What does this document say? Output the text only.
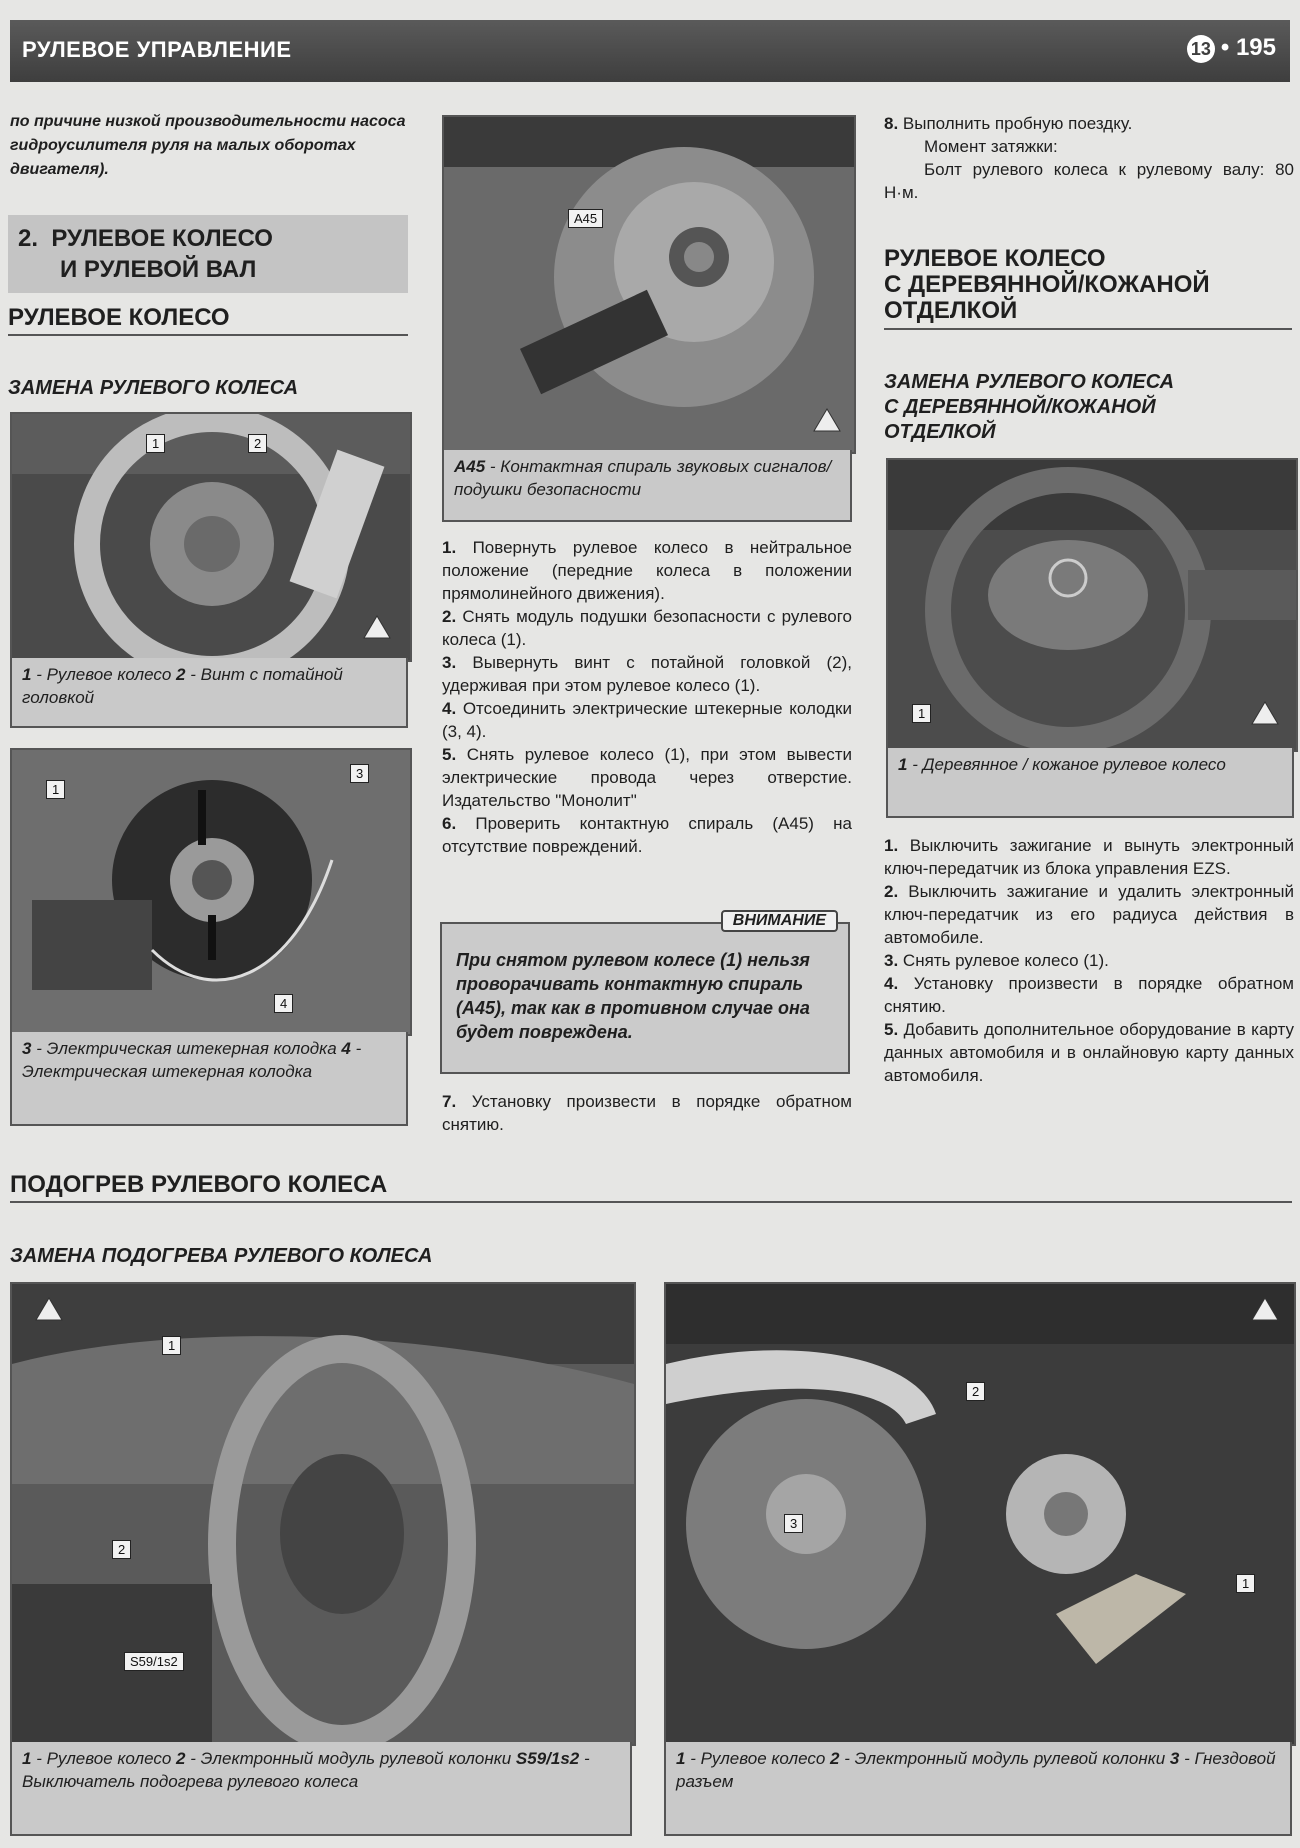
РУЛЕВОЕ УПРАВЛЕНИЕ	13 • 195
по причине низкой производительности насоса гидроусилителя руля на малых оборотах двигателя).
2. РУЛЕВОЕ КОЛЕСО
И РУЛЕВОЙ ВАЛ
РУЛЕВОЕ КОЛЕСО
ЗАМЕНА РУЛЕВОГО КОЛЕСА
1	2
1 - Рулевое колесо 2 - Винт с потайной головкой
1
3
4
3 - Электрическая штекерная колодка 4 - Электрическая штекерная колодка
A45
A45 - Контактная спираль звуковых сигналов/подушки безопасности

1. Повернуть рулевое колесо в нейтральное положение (передние колеса в положении прямолинейного движения).

2. Снять модуль подушки безопасности с рулевого колеса (1).

3. Вывернуть винт с потайной головкой (2), удерживая при этом рулевое колесо (1).

4. Отсоединить электрические штекерные колодки (3, 4).

5. Снять рулевое колесо (1), при этом вывести электрические провода через отверстие. Издательство "Монолит"

6. Проверить контактную спираль (A45) на отсутствие повреждений.

ВНИМАНИЕ
При снятом рулевом колесе (1) нельзя проворачивать контактную спираль (A45), так как в противном случае она будет повреждена.

7. Установку произвести в порядке обратном снятию.

8. Выполнить пробную поездку.

Момент затяжки:

Болт рулевого колеса к рулевому валу: 80 Н·м.

РУЛЕВОЕ КОЛЕСО
С ДЕРЕВЯННОЙ/КОЖАНОЙ
ОТДЕЛКОЙ
ЗАМЕНА РУЛЕВОГО КОЛЕСА
С ДЕРЕВЯННОЙ/КОЖАНОЙ
ОТДЕЛКОЙ
1
1 - Деревянное / кожаное рулевое колесо

1. Выключить зажигание и вынуть электронный ключ-передатчик из блока управления EZS.

2. Выключить зажигание и удалить электронный ключ-передатчик из его радиуса действия в автомобиле.

3. Снять рулевое колесо (1).

4. Установку произвести в порядке обратном снятию.

5. Добавить дополнительное оборудование в карту данных автомобиля и в онлайновую карту данных автомобиля.

ПОДОГРЕВ РУЛЕВОГО КОЛЕСА
ЗАМЕНА ПОДОГРЕВА РУЛЕВОГО КОЛЕСА
1
2
S59/1s2
1 - Рулевое колесо 2 - Электронный модуль рулевой колонки S59/1s2 - Выключатель подогрева рулевого колеса
2
3
1
1 - Рулевое колесо 2 - Электронный модуль рулевой колонки 3 - Гнездовой разъем
